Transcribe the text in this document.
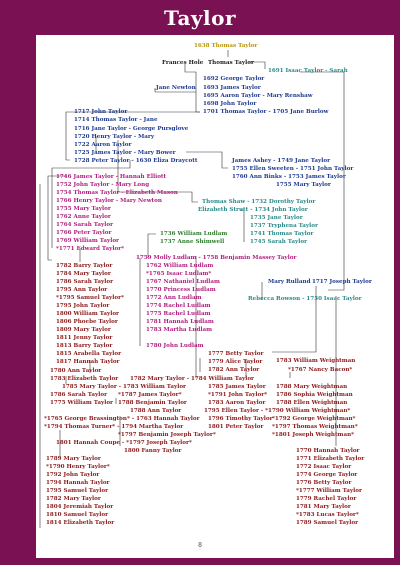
Taylor
1638 Thomas Taylor
Frances Hole Thomas Taylor
1691 Isaac Taylor - Sarah
1692 George Taylor
Jane Newton 1693 James Taylor
1695 Aaron Taylor - Mary Renshaw
1698 John Taylor
1701 Thomas Taylor - 1705 Jane Burlow
1717 John Taylor
1714 Thomas Taylor - Jane
1716 Jane Taylor - George Pursglove
1720 Henry Taylor - Mary
1722 Aaron Taylor
1725 James Taylor - Mary Bower
1728 Peter Taylor - 1630 Eliza Draycott	James Ashey - 1749 Jane Taylor
1755 Ellen Sweeten - 1751 John Taylor
1760 Ann Binks - 1753 James Taylor
1755 Mary Taylor
1746 James Taylor - Hannah Elliott
1752 John Taylor - Mary Long
1754 Thomas Taylor - Elizabeth Mason
1766 Henry Taylor - Mary Newton
1755 Mary Taylor
1762 Anne Taylor
1764 Sarah Taylor
1766 Peter Taylor
1769 William Taylor
*1771 Edward Taylor*
Thomas Shaw - 1732 Dorothy Taylor
Elizabeth Strutt - 1734 John Taylor
1735 Jane Taylor
1737 Tryphena Taylor
1741 Thomas Taylor
1745 Sarah Taylor
1736 William Ludlam
1737 Anne Shimwell
1759 Molly Ludlam - 1758 Benjamin Massey Taylor
1762 William Ludlam
*1765 Isaac Ludlam*
1767 Nathaniel Ludlam
1770 Princess Ludlam
1772 Ann Ludlam
1774 Rachel Ludlam
1775 Rachel Ludlam
1781 Hannah Ludlam
1783 Martha Ludlam
1780 John Ludlam
Mary Rulland 1717 Joseph Taylor
Rebecca Rowson - 1750 Isaac Taylor
1782 Barry Taylor
1784 Mary Taylor
1786 Sarah Taylor
1795 Ann Taylor
*1795 Samuel Taylor*
1795 John Taylor
1800 William Taylor
1806 Phoebe Taylor
1809 Mary Taylor
1811 Jenny Taylor
1813 Barry Taylor
1815 Arabella Taylor
1817 Hannah Taylor
1777 Betty Taylor
1779 Alice Taylor
1782 Ann Taylor
1783 William Weightman
*1767 Nancy Bacon*
1780 Ann Taylor
1783 Elizabeth Taylor 1782 Mary Taylor - 1784 William Taylor
1785 Mary Taylor - 1783 William Taylor	1785 James Taylor 1788 Mary Weightman
1786 Sarah Taylor *1787 James Taylor*	*1791 John Taylor* 1786 Sophia Weightman
1775 William Taylor 1788 Benjamin Taylor	1783 Aaron Taylor 1788 Ellen Weightman
1788 Ann Taylor	1795 Ellen Taylor - *1790 William Weightman*
*1765 George Brassington* - 1763 Hannah Taylor 1796 Timothy Taylor *1792 George Weightman*
*1794 Thomas Turner* - 1794 Martha Taylor	1801 Peter Taylor *1797 Thomas Weightman*
*1797 Benjamin Joseph Taylor*	*1801 Joseph Weightman*
1801 Hannah Coupe - *1797 Joseph Taylor*
1800 Fanny Taylor	1770 Hannah Taylor
1771 Elizabeth Taylor
1772 Isaac Taylor
1774 George Taylor
1776 Betty Taylor
*1777 William Taylor
1779 Rachel Taylor
1781 Mary Taylor
*1783 Lucas Taylor*
1789 Samuel Taylor
1789 Mary Taylor
*1790 Henry Taylor*
1792 John Taylor
1794 Hannah Taylor
1795 Samuel Taylor
1782 Mary Taylor
1804 Jeremiah Taylor
1810 Samuel Taylor
1814 Elizabeth Taylor
8
